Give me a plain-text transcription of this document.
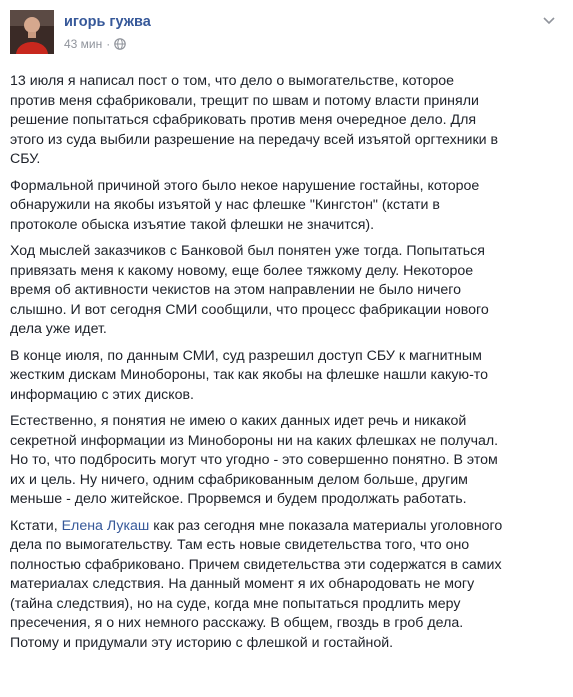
игорь гужва
43 мин ·

13 июля я написал пост о том, что дело о вымогательстве, которое
против меня сфабриковали, трещит по швам и потому власти приняли
решение попытаться сфабриковать против меня очередное дело. Для
этого из суда выбили разрешение на передачу всей изъятой оргтехники в
СБУ.

Формальной причиной этого было некое нарушение гостайны, которое
обнаружили на якобы изъятой у нас флешке "Кингстон" (кстати в
протоколе обыска изъятие такой флешки не значится).

Ход мыслей заказчиков с Банковой был понятен уже тогда. Попытаться
привязать меня к какому новому, еще более тяжкому делу. Некоторое
время об активности чекистов на этом направлении не было ничего
слышно. И вот сегодня СМИ сообщили, что процесс фабрикации нового
дела уже идет.

В конце июля, по данным СМИ, суд разрешил доступ СБУ к магнитным
жестким дискам Минобороны, так как якобы на флешке нашли какую-то
информацию с этих дисков.

Естественно, я понятия не имею о каких данных идет речь и никакой
секретной информации из Минобороны ни на каких флешках не получал.
Но то, что подбросить могут что угодно - это совершенно понятно. В этом
их и цель. Ну ничего, одним сфабрикованным делом больше, другим
меньше - дело житейское. Прорвемся и будем продолжать работать.

Кстати, Елена Лукаш как раз сегодня мне показала материалы уголовного
дела по вымогательству. Там есть новые свидетельства того, что оно
полностью сфабриковано. Причем свидетельства эти содержатся в самих
материалах следствия. На данный момент я их обнародовать не могу
(тайна следствия), но на суде, когда мне попытаться продлить меру
пресечения, я о них немного расскажу. В общем, гвоздь в гроб дела.
Потому и придумали эту историю с флешкой и гостайной.
